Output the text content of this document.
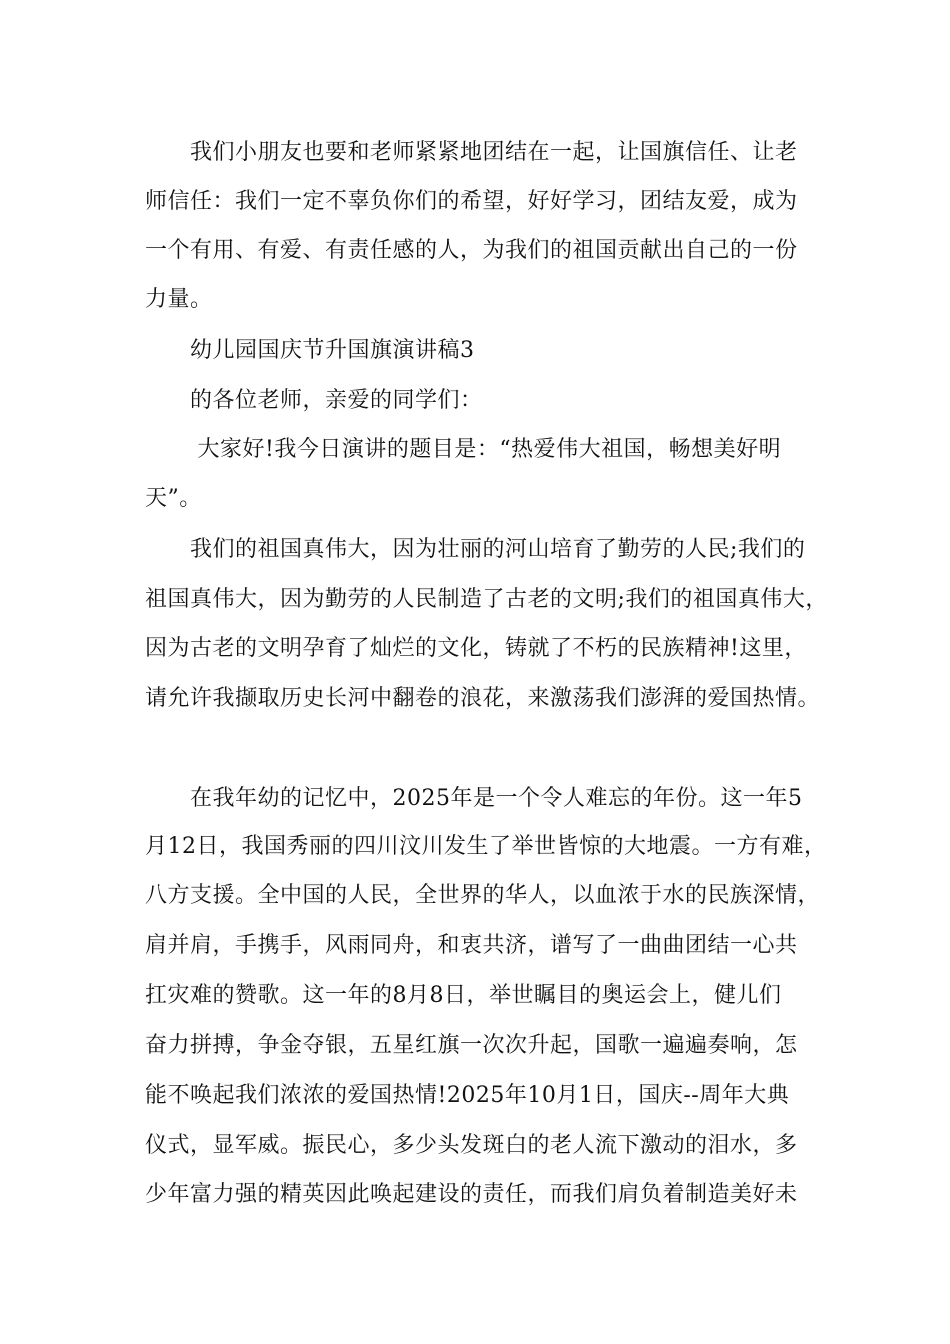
　　我们小朋友也要和老师紧紧地团结在一起，让国旗信任、让老
师信任：我们一定不辜负你们的希望，好好学习，团结友爱，成为
一个有用、有爱、有责任感的人，为我们的祖国贡献出自己的一份
力量。
　　幼儿园国庆节升国旗演讲稿3
　　的各位老师，亲爱的同学们：
　　 大家好!我今日演讲的题目是：“热爱伟大祖国，畅想美好明
天”。
　　我们的祖国真伟大，因为壮丽的河山培育了勤劳的人民;我们的
祖国真伟大，因为勤劳的人民制造了古老的文明;我们的祖国真伟大，
因为古老的文明孕育了灿烂的文化，铸就了不朽的民族精神!这里，
请允许我撷取历史长河中翻卷的浪花，来激荡我们澎湃的爱国热情。
　　在我年幼的记忆中，2025年是一个令人难忘的年份。这一年5
月12日，我国秀丽的四川汶川发生了举世皆惊的大地震。一方有难，
八方支援。全中国的人民，全世界的华人，以血浓于水的民族深情，
肩并肩，手携手，风雨同舟，和衷共济，谱写了一曲曲团结一心共
扛灾难的赞歌。这一年的8月8日，举世瞩目的奥运会上，健儿们
奋力拼搏，争金夺银，五星红旗一次次升起，国歌一遍遍奏响，怎
能不唤起我们浓浓的爱国热情!2025年10月1日，国庆--周年大典
仪式，显军威。振民心，多少头发斑白的老人流下激动的泪水，多
少年富力强的精英因此唤起建设的责任，而我们肩负着制造美好未
